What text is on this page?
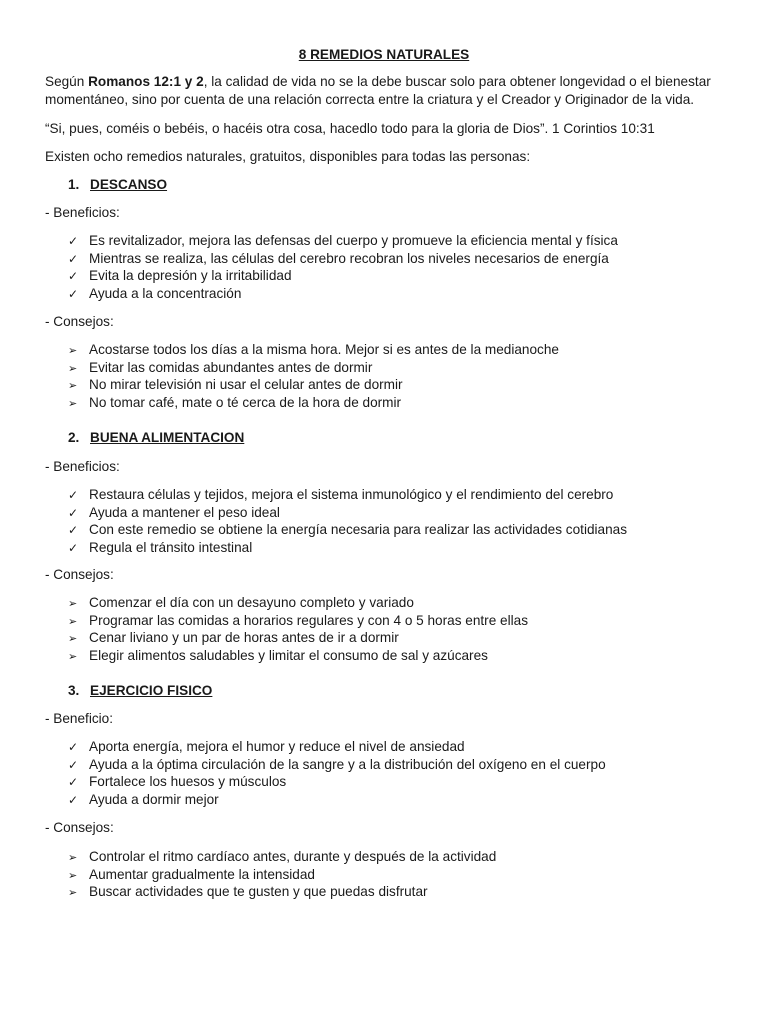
8 REMEDIOS NATURALES
Según Romanos 12:1 y 2, la calidad de vida no se la debe buscar solo para obtener longevidad o el bienestar momentáneo, sino por cuenta de una relación correcta entre la criatura y el Creador y Originador de la vida.
“Si, pues, coméis o bebéis, o hacéis otra cosa, hacedlo todo para la gloria de Dios”. 1 Corintios 10:31
Existen ocho remedios naturales, gratuitos, disponibles para todas las personas:
1. DESCANSO
- Beneficios:
✓ Es revitalizador, mejora las defensas del cuerpo y promueve la eficiencia mental y física
✓ Mientras se realiza, las células del cerebro recobran los niveles necesarios de energía
✓ Evita la depresión y la irritabilidad
✓ Ayuda a la concentración
- Consejos:
➢ Acostarse todos los días a la misma hora. Mejor si es antes de la medianoche
➢ Evitar las comidas abundantes antes de dormir
➢ No mirar televisión ni usar el celular antes de dormir
➢ No tomar café, mate o té cerca de la hora de dormir
2. BUENA ALIMENTACION
- Beneficios:
✓ Restaura células y tejidos, mejora el sistema inmunológico y el rendimiento del cerebro
✓ Ayuda a mantener el peso ideal
✓ Con este remedio se obtiene la energía necesaria para realizar las actividades cotidianas
✓ Regula el tránsito intestinal
- Consejos:
➢ Comenzar el día con un desayuno completo y variado
➢ Programar las comidas a horarios regulares y con 4 o 5 horas entre ellas
➢ Cenar liviano y un par de horas antes de ir a dormir
➢ Elegir alimentos saludables y limitar el consumo de sal y azúcares
3. EJERCICIO FISICO
- Beneficio:
✓ Aporta energía, mejora el humor y reduce el nivel de ansiedad
✓ Ayuda a la óptima circulación de la sangre y a la distribución del oxígeno en el cuerpo
✓ Fortalece los huesos y músculos
✓ Ayuda a dormir mejor
- Consejos:
➢ Controlar el ritmo cardíaco antes, durante y después de la actividad
➢ Aumentar gradualmente la intensidad
➢ Buscar actividades que te gusten y que puedas disfrutar
